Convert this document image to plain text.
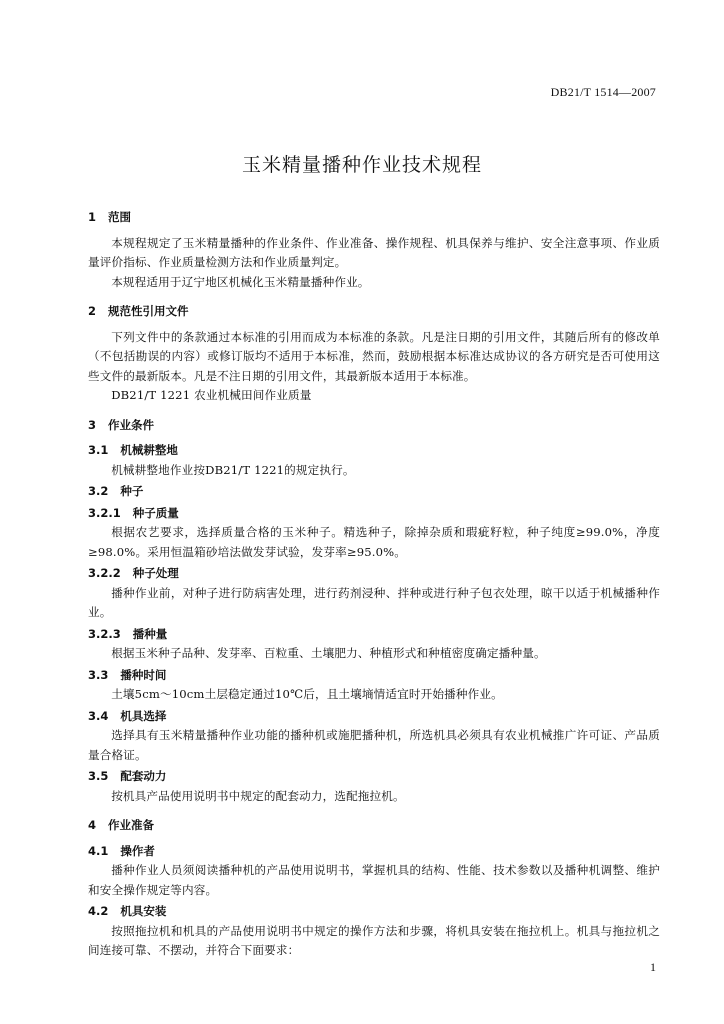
DB21/T 1514—2007
玉米精量播种作业技术规程
1   范围
本规程规定了玉米精量播种的作业条件、作业准备、操作规程、机具保养与维护、安全注意事项、作业质量评价指标、作业质量检测方法和作业质量判定。
本规程适用于辽宁地区机械化玉米精量播种作业。
2   规范性引用文件
下列文件中的条款通过本标准的引用而成为本标准的条款。凡是注日期的引用文件，其随后所有的修改单（不包括勘误的内容）或修订版均不适用于本标准，然而，鼓励根据本标准达成协议的各方研究是否可使用这些文件的最新版本。凡是不注日期的引用文件，其最新版本适用于本标准。
DB21/T 1221 农业机械田间作业质量
3   作业条件
3.1   机械耕整地
机械耕整地作业按DB21/T 1221的规定执行。
3.2   种子
3.2.1   种子质量
根据农艺要求，选择质量合格的玉米种子。精选种子，除掉杂质和瑕疵籽粒，种子纯度≥99.0%，净度≥98.0%。采用恒温箱砂培法做发芽试验，发芽率≥95.0%。
3.2.2   种子处理
播种作业前，对种子进行防病害处理，进行药剂浸种、拌种或进行种子包衣处理，晾干以适于机械播种作业。
3.2.3   播种量
根据玉米种子品种、发芽率、百粒重、土壤肥力、种植形式和种植密度确定播种量。
3.3   播种时间
土壤5cm～10cm土层稳定通过10℃后，且土壤墒情适宜时开始播种作业。
3.4   机具选择
选择具有玉米精量播种作业功能的播种机或施肥播种机，所选机具必须具有农业机械推广许可证、产品质量合格证。
3.5   配套动力
按机具产品使用说明书中规定的配套动力，选配拖拉机。
4   作业准备
4.1   操作者
播种作业人员须阅读播种机的产品使用说明书，掌握机具的结构、性能、技术参数以及播种机调整、维护和安全操作规定等内容。
4.2   机具安装
按照拖拉机和机具的产品使用说明书中规定的操作方法和步骤，将机具安装在拖拉机上。机具与拖拉机之间连接可靠、不摆动，并符合下面要求：
1
